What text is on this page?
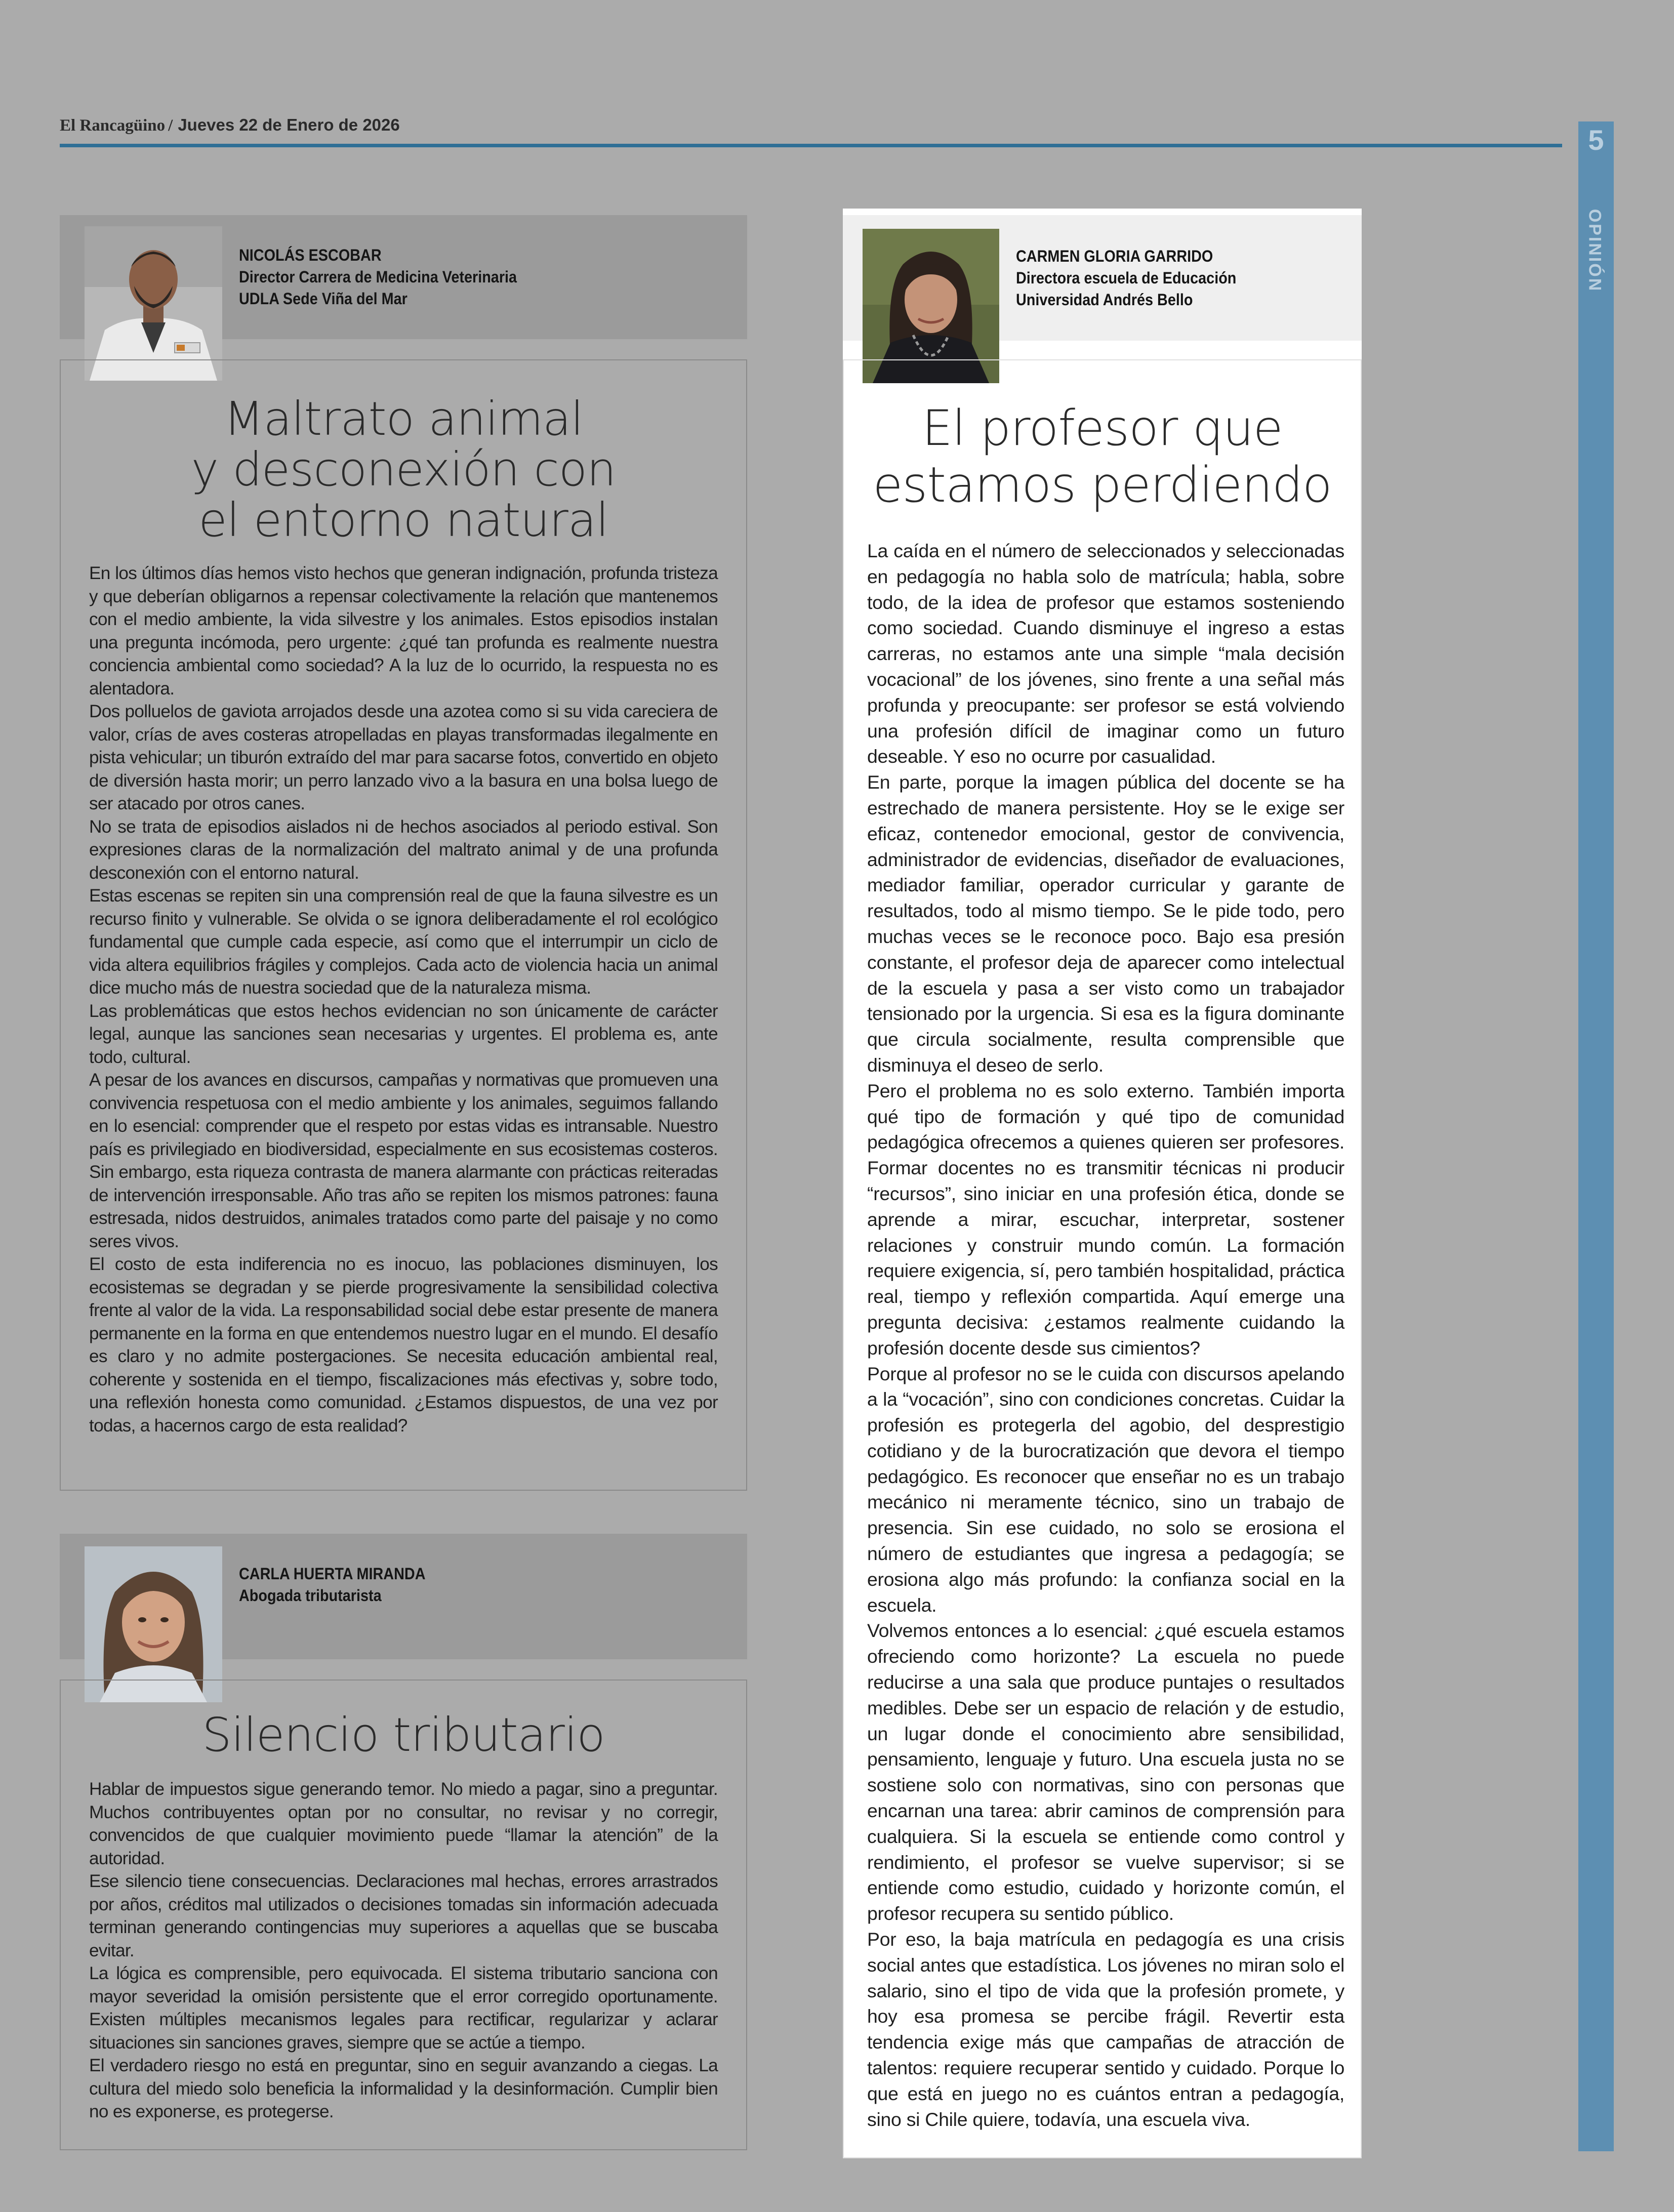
El Rancagüino / Jueves 22 de Enero de 2026	5
OPINIÓN
NICOLÁS ESCOBAR
Director Carrera de Medicina Veterinaria
UDLA Sede Viña del Mar
Maltrato animal
y desconexión con
el entorno natural

En los últimos días hemos visto hechos que generan indignación, profunda tristeza y que deberían obligarnos a repensar colectivamente la relación que mantenemos con el medio ambiente, la vida silvestre y los animales. Estos episodios instalan una pregunta incómoda, pero urgente: ¿qué tan profunda es realmente nuestra conciencia ambiental como sociedad? A la luz de lo ocurrido, la respuesta no es alentadora.

Dos polluelos de gaviota arrojados desde una azotea como si su vida careciera de valor, crías de aves costeras atropelladas en playas transformadas ilegalmente en pista vehicular; un tiburón extraído del mar para sacarse fotos, convertido en objeto de diversión hasta morir; un perro lanzado vivo a la basura en una bolsa luego de ser atacado por otros canes.

No se trata de episodios aislados ni de hechos asociados al periodo estival. Son expresiones claras de la normalización del maltrato animal y de una profunda desconexión con el entorno natural.

Estas escenas se repiten sin una comprensión real de que la fauna silvestre es un recurso finito y vulnerable. Se olvida o se ignora deliberadamente el rol ecológico fundamental que cumple cada especie, así como que el interrumpir un ciclo de vida altera equilibrios frágiles y complejos. Cada acto de violencia hacia un animal dice mucho más de nuestra sociedad que de la naturaleza misma.

Las problemáticas que estos hechos evidencian no son únicamente de carácter legal, aunque las sanciones sean necesarias y urgentes. El problema es, ante todo, cultural.

A pesar de los avances en discursos, campañas y normativas que promueven una convivencia respetuosa con el medio ambiente y los animales, seguimos fallando en lo esencial: comprender que el respeto por estas vidas es intransable. Nuestro país es privilegiado en biodiversidad, especialmente en sus ecosistemas costeros. Sin embargo, esta riqueza contrasta de manera alarmante con prácticas reiteradas de intervención irresponsable. Año tras año se repiten los mismos patrones: fauna estresada, nidos destruidos, animales tratados como parte del paisaje y no como seres vivos.

El costo de esta indiferencia no es inocuo, las poblaciones disminuyen, los ecosistemas se degradan y se pierde progresivamente la sensibilidad colectiva frente al valor de la vida. La responsabilidad social debe estar presente de manera permanente en la forma en que entendemos nuestro lugar en el mundo. El desafío es claro y no admite postergaciones. Se necesita educación ambiental real, coherente y sostenida en el tiempo, fiscalizaciones más efectivas y, sobre todo, una reflexión honesta como comunidad. ¿Estamos dispuestos, de una vez por todas, a hacernos cargo de esta realidad?

CARLA HUERTA MIRANDA
Abogada tributarista
Silencio tributario

Hablar de impuestos sigue generando temor. No miedo a pagar, sino a preguntar. Muchos contribuyentes optan por no consultar, no revisar y no corregir, convencidos de que cualquier movimiento puede “llamar la atención” de la autoridad.

Ese silencio tiene consecuencias. Declaraciones mal hechas, errores arrastrados por años, créditos mal utilizados o decisiones tomadas sin información adecuada terminan generando contingencias muy superiores a aquellas que se buscaba evitar.

La lógica es comprensible, pero equivocada. El sistema tributario sanciona con mayor severidad la omisión persistente que el error corregido oportunamente. Existen múltiples mecanismos legales para rectificar, regularizar y aclarar situaciones sin sanciones graves, siempre que se actúe a tiempo.

El verdadero riesgo no está en preguntar, sino en seguir avanzando a ciegas. La cultura del miedo solo beneficia la informalidad y la desinformación. Cumplir bien no es exponerse, es protegerse.

CARMEN GLORIA GARRIDO
Directora escuela de Educación
Universidad Andrés Bello
El profesor que
estamos perdiendo

La caída en el número de seleccionados y seleccionadas en pedagogía no habla solo de matrícula; habla, sobre todo, de la idea de profesor que estamos sosteniendo como sociedad. Cuando disminuye el ingreso a estas carreras, no estamos ante una simple “mala decisión vocacional” de los jóvenes, sino frente a una señal más profunda y preocupante: ser profesor se está volviendo una profesión difícil de imaginar como un futuro deseable. Y eso no ocurre por casualidad.

En parte, porque la imagen pública del docente se ha estrechado de manera persistente. Hoy se le exige ser eficaz, contenedor emocional, gestor de convivencia, administrador de evidencias, diseñador de evaluaciones, mediador familiar, operador curricular y garante de resultados, todo al mismo tiempo. Se le pide todo, pero muchas veces se le reconoce poco. Bajo esa presión constante, el profesor deja de aparecer como intelectual de la escuela y pasa a ser visto como un trabajador tensionado por la urgencia. Si esa es la figura dominante que circula socialmente, resulta comprensible que disminuya el deseo de serlo.

Pero el problema no es solo externo. También importa qué tipo de formación y qué tipo de comunidad pedagógica ofrecemos a quienes quieren ser profesores. Formar docentes no es transmitir técnicas ni producir “recursos”, sino iniciar en una profesión ética, donde se aprende a mirar, escuchar, interpretar, sostener relaciones y construir mundo común. La formación requiere exigencia, sí, pero también hospitalidad, práctica real, tiempo y reflexión compartida. Aquí emerge una pregunta decisiva: ¿estamos realmente cuidando la profesión docente desde sus cimientos?

Porque al profesor no se le cuida con discursos apelando a la “vocación”, sino con condiciones concretas. Cuidar la profesión es protegerla del agobio, del desprestigio cotidiano y de la burocratización que devora el tiempo pedagógico. Es reconocer que enseñar no es un trabajo mecánico ni meramente técnico, sino un trabajo de presencia. Sin ese cuidado, no solo se erosiona el número de estudiantes que ingresa a pedagogía; se erosiona algo más profundo: la confianza social en la escuela.

Volvemos entonces a lo esencial: ¿qué escuela estamos ofreciendo como horizonte? La escuela no puede reducirse a una sala que produce puntajes o resultados medibles. Debe ser un espacio de relación y de estudio, un lugar donde el conocimiento abre sensibilidad, pensamiento, lenguaje y futuro. Una escuela justa no se sostiene solo con normativas, sino con personas que encarnan una tarea: abrir caminos de comprensión para cualquiera. Si la escuela se entiende como control y rendimiento, el profesor se vuelve supervisor; si se entiende como estudio, cuidado y horizonte común, el profesor recupera su sentido público.

Por eso, la baja matrícula en pedagogía es una crisis social antes que estadística. Los jóvenes no miran solo el salario, sino el tipo de vida que la profesión promete, y hoy esa promesa se percibe frágil. Revertir esta tendencia exige más que campañas de atracción de talentos: requiere recuperar sentido y cuidado. Porque lo que está en juego no es cuántos entran a pedagogía, sino si Chile quiere, todavía, una escuela viva.
